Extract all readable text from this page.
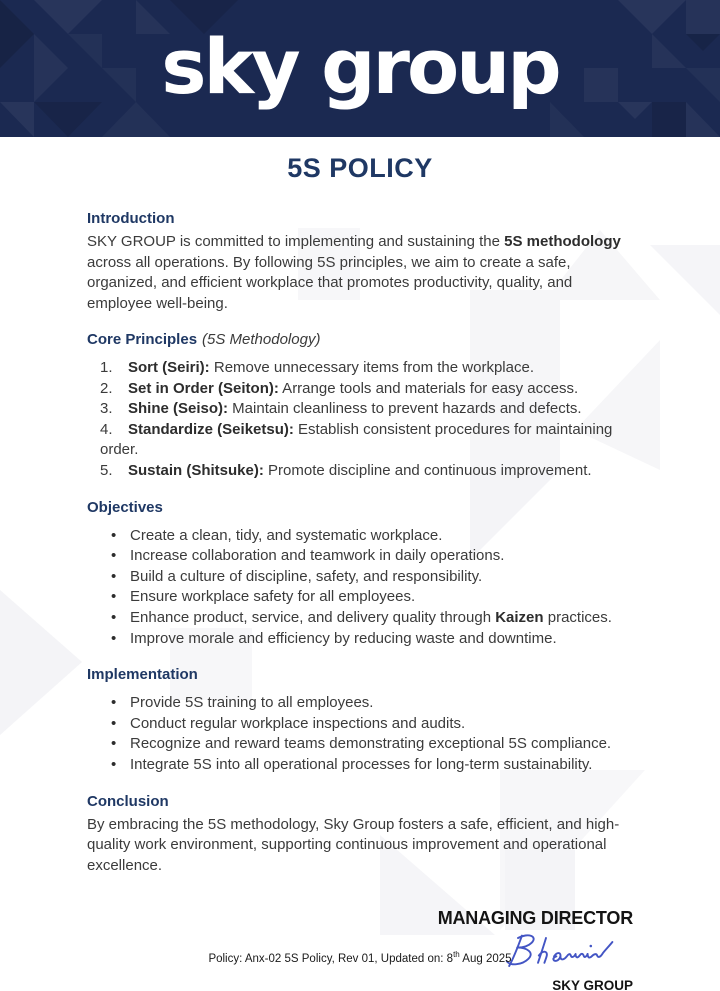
sky group
5S POLICY
Introduction

SKY GROUP is committed to implementing and sustaining the 5S methodology across all operations. By following 5S principles, we aim to create a safe, organized, and efficient workplace that promotes productivity, quality, and employee well-being.

Core Principles (5S Methodology)
1. Sort (Seiri): Remove unnecessary items from the workplace.
2. Set in Order (Seiton): Arrange tools and materials for easy access.
3. Shine (Seiso): Maintain cleanliness to prevent hazards and defects.
4. Standardize (Seiketsu): Establish consistent procedures for maintaining order.
5. Sustain (Shitsuke): Promote discipline and continuous improvement.
Objectives
• Create a clean, tidy, and systematic workplace.
• Increase collaboration and teamwork in daily operations.
• Build a culture of discipline, safety, and responsibility.
• Ensure workplace safety for all employees.
• Enhance product, service, and delivery quality through Kaizen practices.
• Improve morale and efficiency by reducing waste and downtime.
Implementation
• Provide 5S training to all employees.
• Conduct regular workplace inspections and audits.
• Recognize and reward teams demonstrating exceptional 5S compliance.
• Integrate 5S into all operational processes for long-term sustainability.
Conclusion

By embracing the 5S methodology, Sky Group fosters a safe, efficient, and high-quality work environment, supporting continuous improvement and operational excellence.

MANAGING DIRECTOR
SKY GROUP
Policy: Anx-02 5S Policy, Rev 01, Updated on: 8th Aug 2025
